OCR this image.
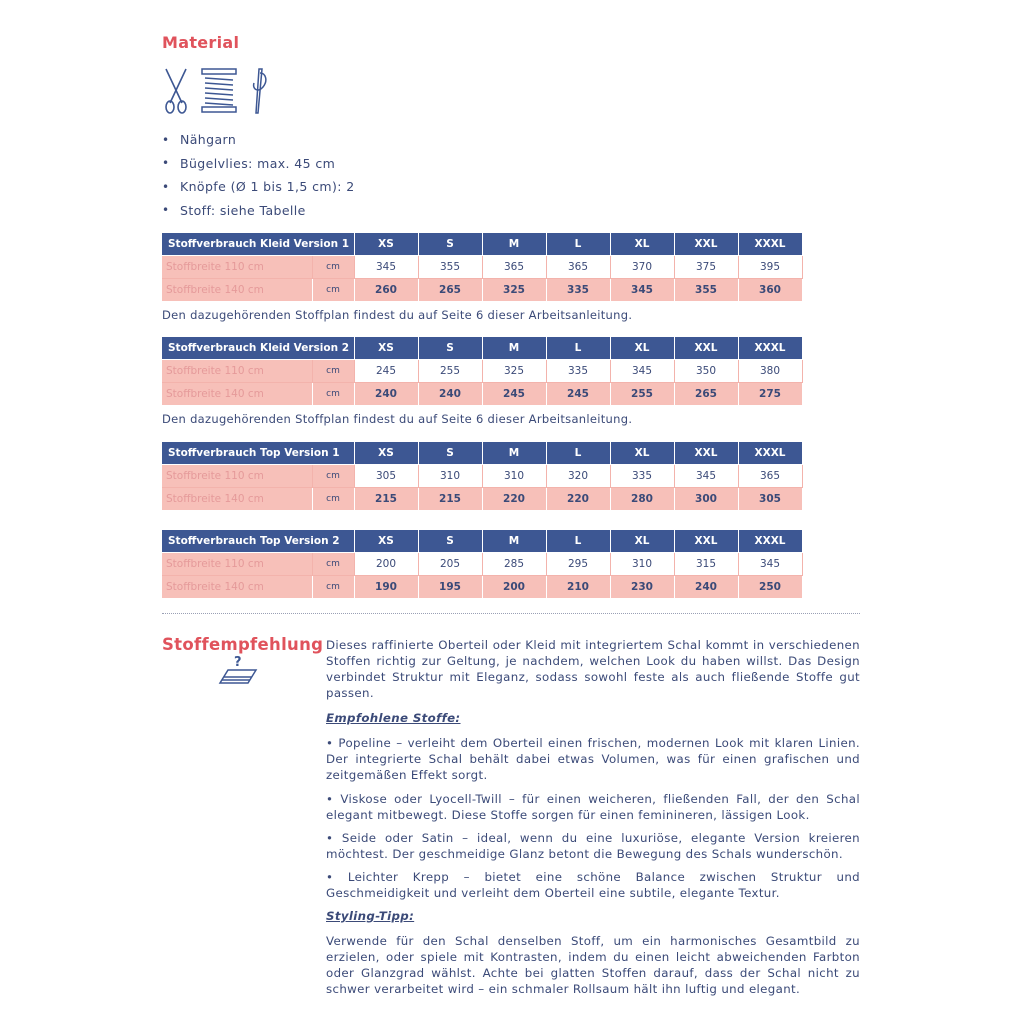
Material
• Nähgarn
• Bügelvlies: max. 45 cm
• Knöpfe (Ø 1 bis 1,5 cm): 2
• Stoff: siehe Tabelle
Stoffverbrauch Kleid Version 1		XS	S	M	L	XL	XXL	XXXL
Stoffbreite 110 cm	cm	345	355	365	365	370	375	395
Stoffbreite 140 cm	cm	260	265	325	335	345	355	360
Stoffverbrauch Kleid Version 2		XS	S	M	L	XL	XXL	XXXL
Stoffbreite 110 cm	cm	245	255	325	335	345	350	380
Stoffbreite 140 cm	cm	240	240	245	245	255	265	275
Stoffverbrauch Top Version 1		XS	S	M	L	XL	XXL	XXXL
Stoffbreite 110 cm	cm	305	310	310	320	335	345	365
Stoffbreite 140 cm	cm	215	215	220	220	280	300	305
Stoffverbrauch Top Version 2		XS	S	M	L	XL	XXL	XXXL
Stoffbreite 110 cm	cm	200	205	285	295	310	315	345
Stoffbreite 140 cm	cm	190	195	200	210	230	240	250
Den dazugehörenden Stoffplan findest du auf Seite 6 dieser Arbeitsanleitung.
Den dazugehörenden Stoffplan findest du auf Seite 6 dieser Arbeitsanleitung.
Stoffempfehlung
?

Dieses raffinierte Oberteil oder Kleid mit integriertem Schal kommt in verschiedenen Stoffen richtig zur Geltung, je nachdem, welchen Look du haben willst. Das Design verbindet Struktur mit Eleganz, sodass sowohl feste als auch fließende Stoffe gut passen.

Empfohlene Stoffe:

• Popeline – verleiht dem Oberteil einen frischen, modernen Look mit klaren Linien. Der integrierte Schal behält dabei etwas Volumen, was für einen grafischen und zeitgemäßen Effekt sorgt.

• Viskose oder Lyocell-Twill – für einen weicheren, fließenden Fall, der den Schal elegant mitbewegt. Diese Stoffe sorgen für einen feminineren, lässigen Look.

• Seide oder Satin – ideal, wenn du eine luxuriöse, elegante Version kreieren möchtest. Der geschmeidige Glanz betont die Bewegung des Schals wunderschön.

• Leichter Krepp – bietet eine schöne Balance zwischen Struktur und Geschmeidigkeit und verleiht dem Oberteil eine subtile, elegante Textur.

Styling-Tipp:

Verwende für den Schal denselben Stoff, um ein harmonisches Gesamtbild zu erzielen, oder spiele mit Kontrasten, indem du einen leicht abweichenden Farbton oder Glanzgrad wählst. Achte bei glatten Stoffen darauf, dass der Schal nicht zu schwer verarbeitet wird – ein schmaler Rollsaum hält ihn luftig und elegant.
